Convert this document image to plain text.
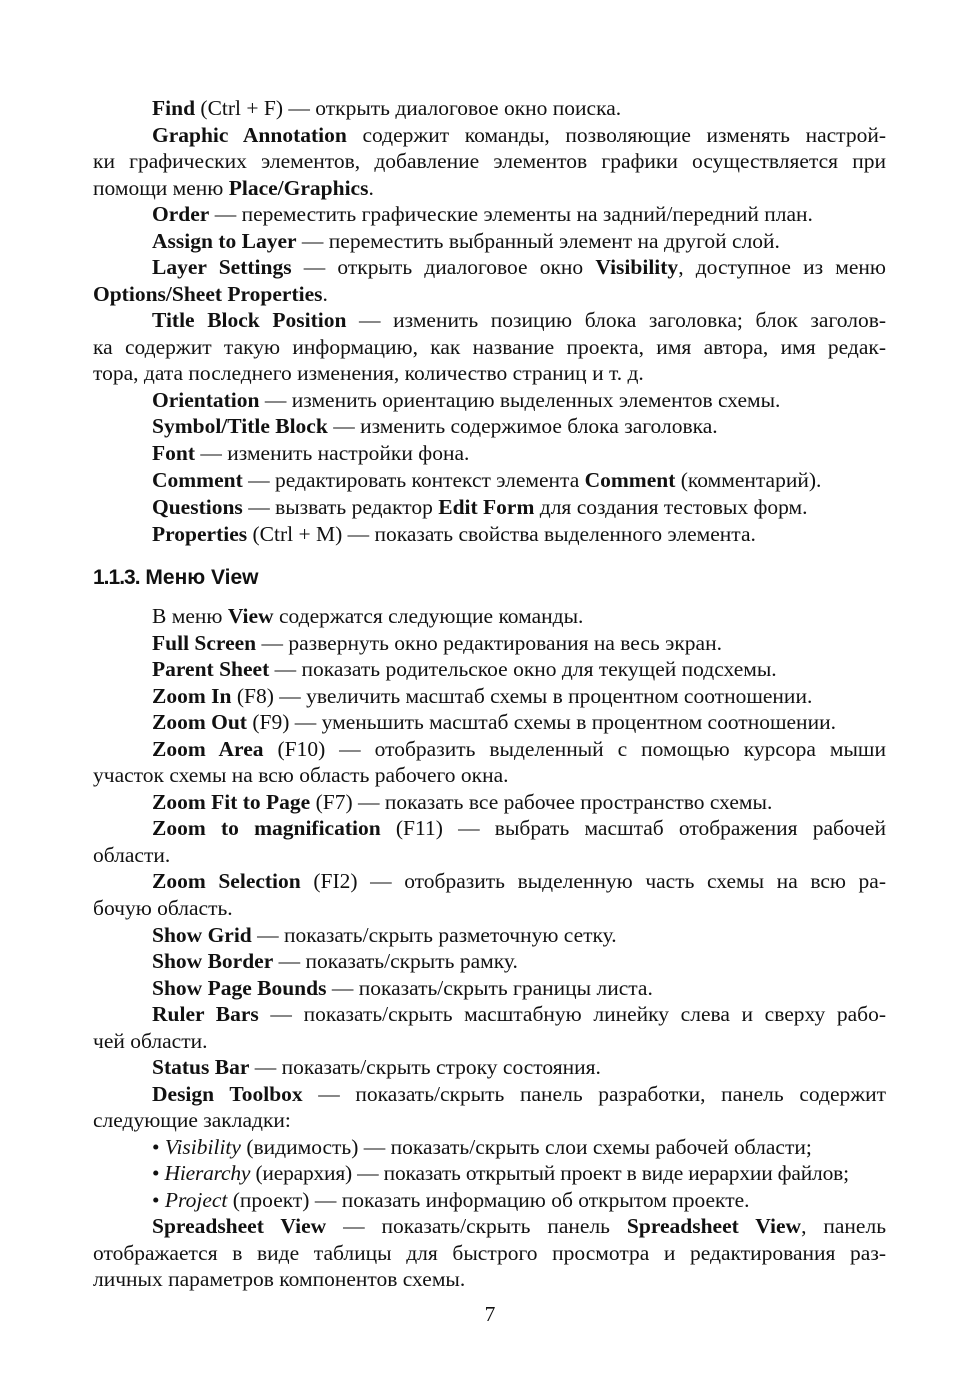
Find (Ctrl + F) — открыть диалоговое окно поиска.
Graphic Annotation содержит команды, позволяющие изменять настрой-
ки графических элементов, добавление элементов графики осуществляется при
помощи меню Place/Graphics.
Order — переместить графические элементы на задний/передний план.
Assign to Layer — переместить выбранный элемент на другой слой.
Layer Settings — открыть диалоговое окно Visibility, доступное из меню
Options/Sheet Properties.
Title Block Position — изменить позицию блока заголовка; блок заголов-
ка содержит такую информацию, как название проекта, имя автора, имя редак-
тора, дата последнего изменения, количество страниц и т. д.
Orientation — изменить ориентацию выделенных элементов схемы.
Symbol/Title Block — изменить содержимое блока заголовка.
Font — изменить настройки фона.
Comment — редактировать контекст элемента Comment (комментарий).
Questions — вызвать редактор Edit Form для создания тестовых форм.
Properties (Ctrl + M) — показать свойства выделенного элемента.
1.1.3. Меню View
В меню View содержатся следующие команды.
Full Screen — развернуть окно редактирования на весь экран.
Parent Sheet — показать родительское окно для текущей подсхемы.
Zoom In (F8) — увеличить масштаб схемы в процентном соотношении.
Zoom Out (F9) — уменьшить масштаб схемы в процентном соотношении.
Zoom Area (F10) — отобразить выделенный с помощью курсора мыши
участок схемы на всю область рабочего окна.
Zoom Fit to Page (F7) — показать все рабочее пространство схемы.
Zoom to magnification (F11) — выбрать масштаб отображения рабочей
области.
Zoom Selection (FI2) — отобразить выделенную часть схемы на всю ра-
бочую область.
Show Grid — показать/скрыть разметочную сетку.
Show Border — показать/скрыть рамку.
Show Page Bounds — показать/скрыть границы листа.
Ruler Bars — показать/скрыть масштабную линейку слева и сверху рабо-
чей области.
Status Bar — показать/скрыть строку состояния.
Design Toolbox — показать/скрыть панель разработки, панель содержит
следующие закладки:
• Visibility (видимость) — показать/скрыть слои схемы рабочей области;
• Hierarchy (иерархия) — показать открытый проект в виде иерархии файлов;
• Project (проект) — показать информацию об открытом проекте.
Spreadsheet View — показать/скрыть панель Spreadsheet View, панель
отображается в виде таблицы для быстрого просмотра и редактирования раз-
личных параметров компонентов схемы.
7
